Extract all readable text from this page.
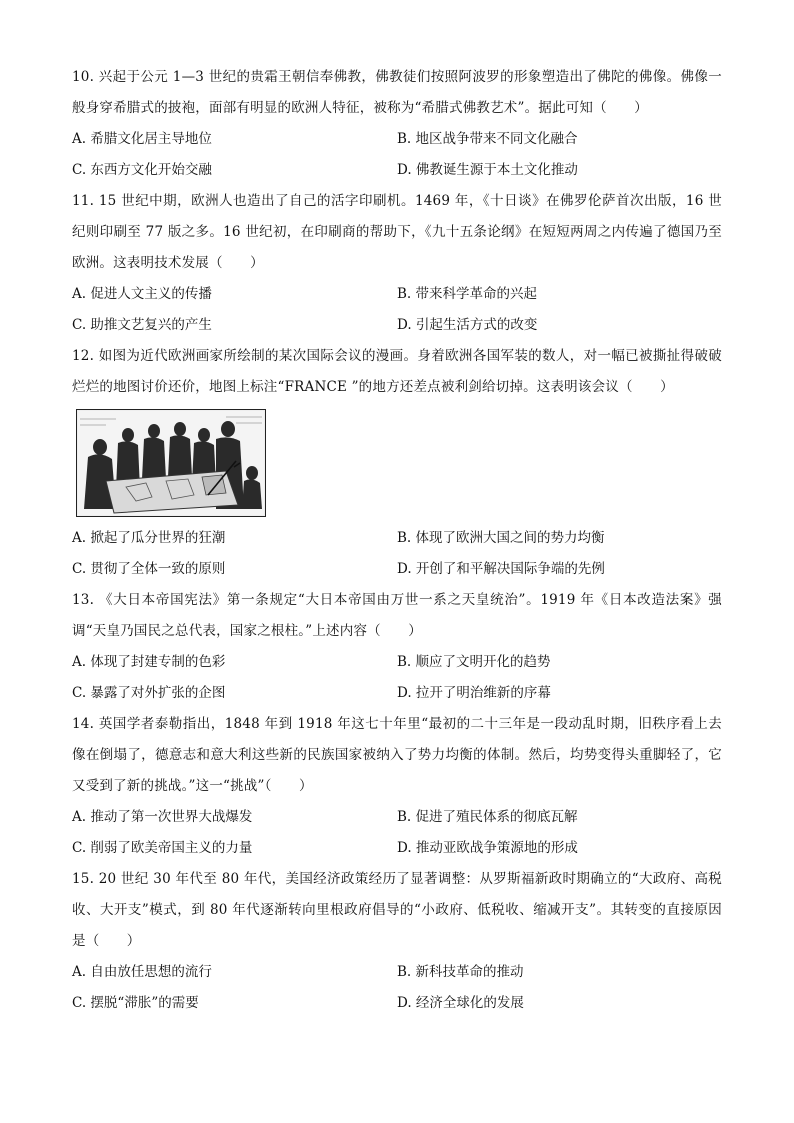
10. 兴起于公元 1—3 世纪的贵霜王朝信奉佛教，佛教徒们按照阿波罗的形象塑造出了佛陀的佛像。佛像一般身穿希腊式的披袍，面部有明显的欧洲人特征，被称为“希腊式佛教艺术”。据此可知（　　）

A. 希腊文化居主导地位	B. 地区战争带来不同文化融合
C. 东西方文化开始交融	D. 佛教诞生源于本土文化推动

11. 15 世纪中期，欧洲人也造出了自己的活字印刷机。1469 年，《十日谈》在佛罗伦萨首次出版，16 世纪则印刷至 77 版之多。16 世纪初，在印刷商的帮助下，《九十五条论纲》在短短两周之内传遍了德国乃至欧洲。这表明技术发展（　　）

A. 促进人文主义的传播	B. 带来科学革命的兴起
C. 助推文艺复兴的产生	D. 引起生活方式的改变

12. 如图为近代欧洲画家所绘制的某次国际会议的漫画。身着欧洲各国军装的数人，对一幅已被撕扯得破破烂烂的地图讨价还价，地图上标注“FRANCE ”的地方还差点被利剑给切掉。这表明该会议（　　）

A. 掀起了瓜分世界的狂潮	B. 体现了欧洲大国之间的势力均衡
C. 贯彻了全体一致的原则	D. 开创了和平解决国际争端的先例

13. 《大日本帝国宪法》第一条规定“大日本帝国由万世一系之天皇统治”。1919 年《日本改造法案》强调“天皇乃国民之总代表，国家之根柱。”上述内容（　　）

A. 体现了封建专制的色彩	B. 顺应了文明开化的趋势
C. 暴露了对外扩张的企图	D. 拉开了明治维新的序幕

14. 英国学者泰勒指出，1848 年到 1918 年这七十年里“最初的二十三年是一段动乱时期，旧秩序看上去像在倒塌了，德意志和意大利这些新的民族国家被纳入了势力均衡的体制。然后，均势变得头重脚轻了，它又受到了新的挑战。”这一“挑战”（　　）

A. 推动了第一次世界大战爆发	B. 促进了殖民体系的彻底瓦解
C. 削弱了欧美帝国主义的力量	D. 推动亚欧战争策源地的形成

15. 20 世纪 30 年代至 80 年代，美国经济政策经历了显著调整：从罗斯福新政时期确立的“大政府、高税收、大开支”模式，到 80 年代逐渐转向里根政府倡导的“小政府、低税收、缩减开支”。其转变的直接原因是（　　）

A. 自由放任思想的流行	B. 新科技革命的推动
C. 摆脱“滞胀”的需要	D. 经济全球化的发展
